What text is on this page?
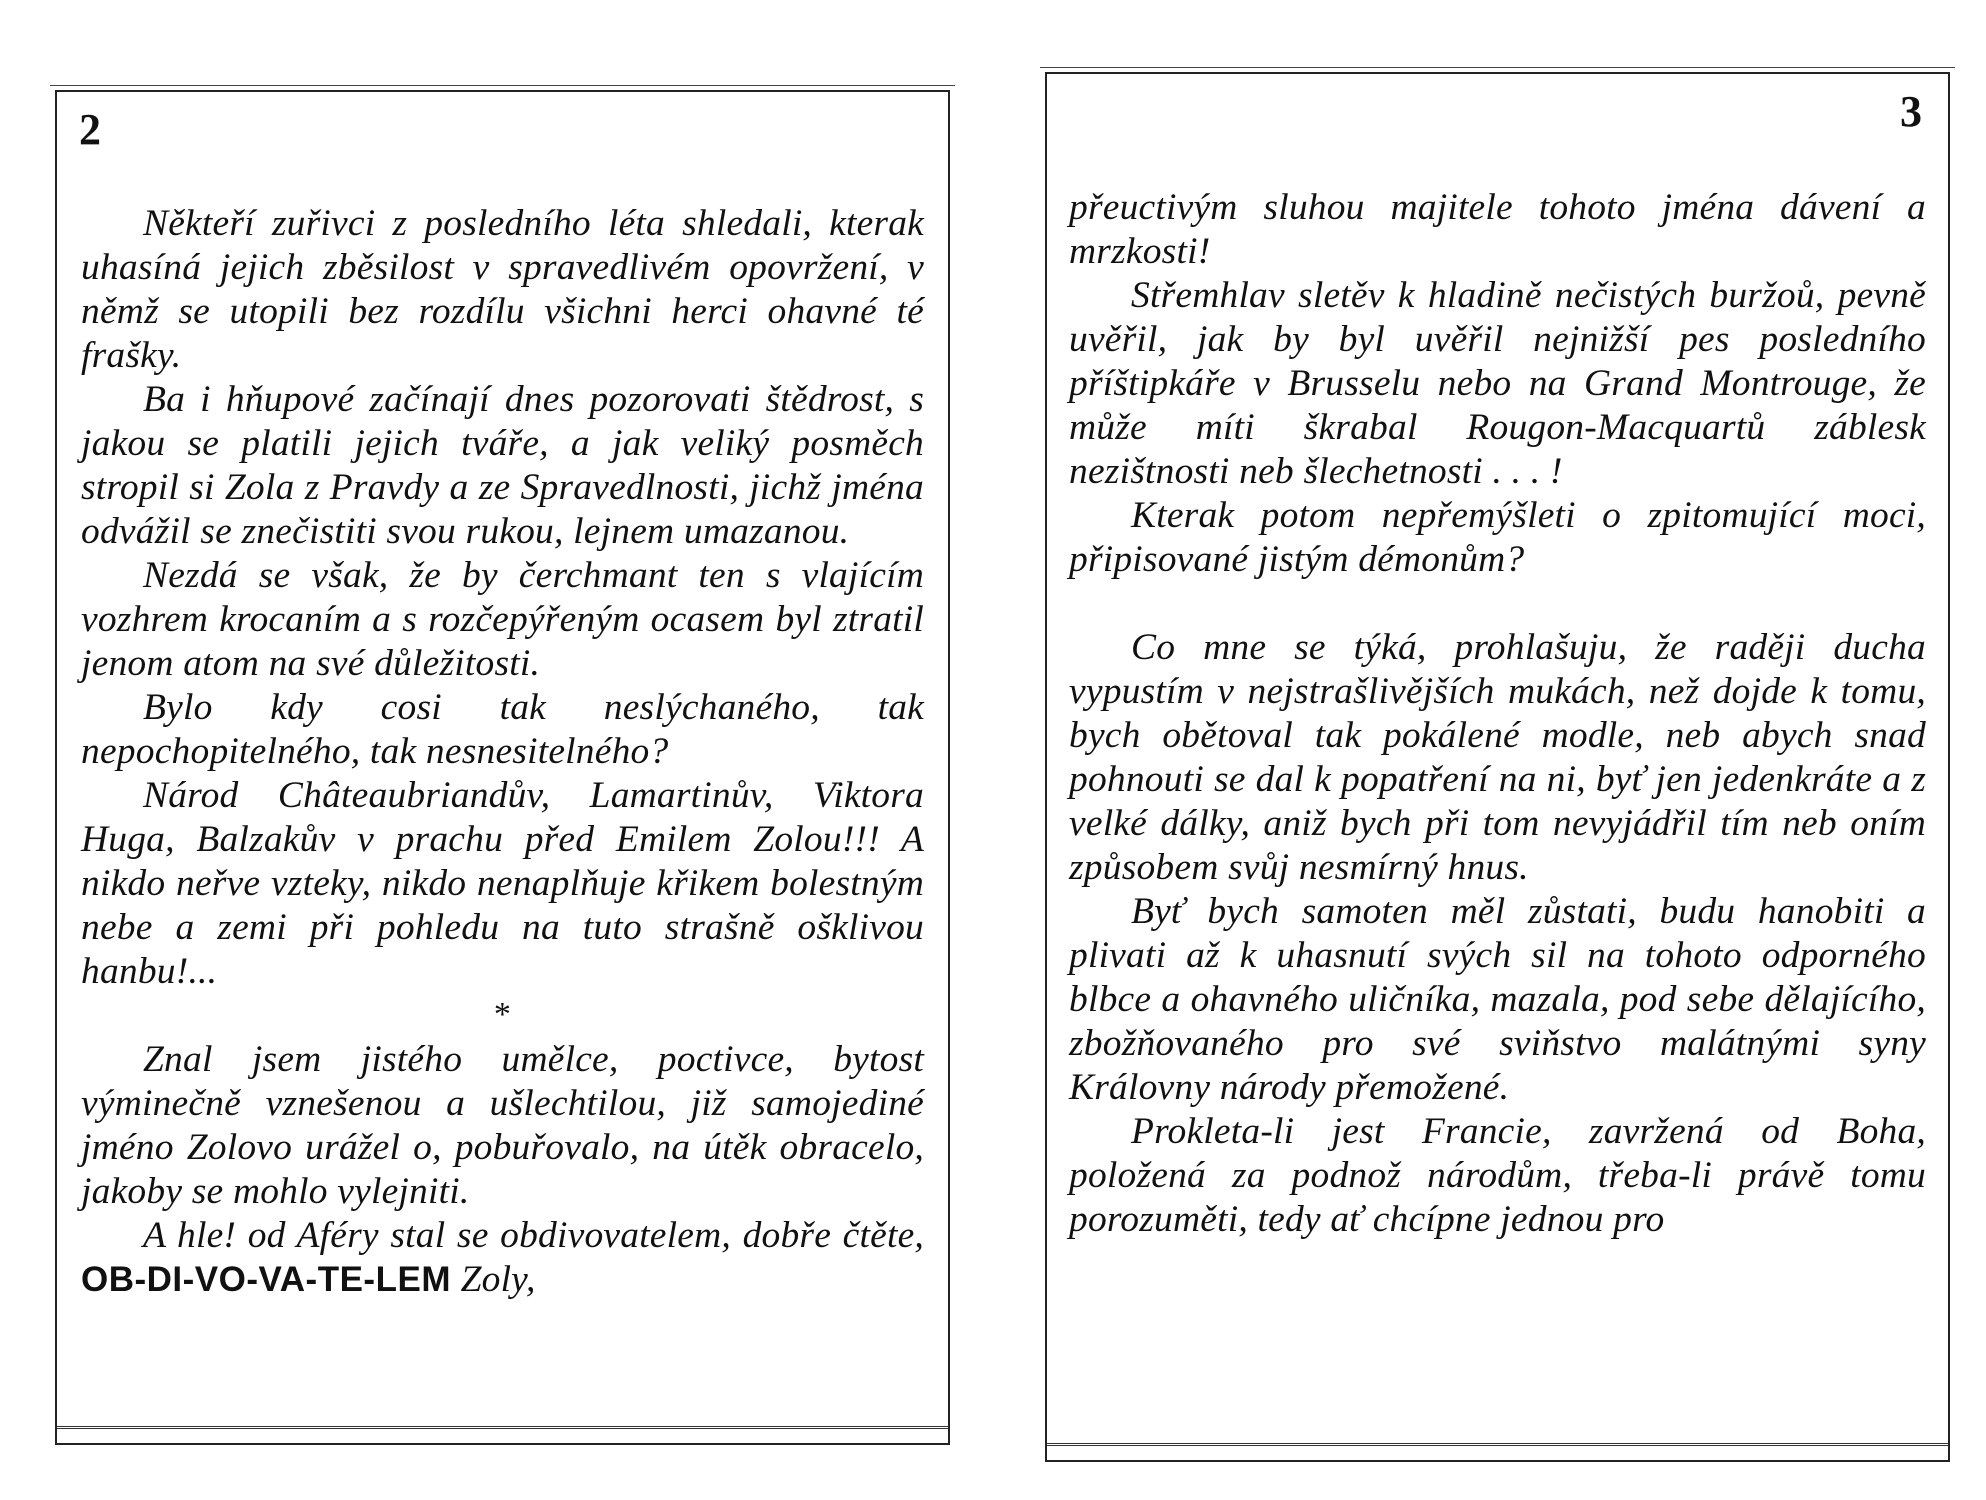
2

Někteří zuřivci z posledního léta shledali, kterak uhasíná jejich zběsilost v spravedlivém opovržení, v němž se utopili bez rozdílu všichni herci ohavné té frašky.

Ba i hňupové začínají dnes pozorovati štědrost, s jakou se platili jejich tváře, a jak veliký posměch stropil si Zola z Pravdy a ze Spravedlnosti, jichž jména odvážil se znečistiti svou rukou, lejnem umazanou.

Nezdá se však, že by čerchmant ten s vlajícím vozhrem krocaním a s rozčepýřeným ocasem byl ztratil jenom atom na své důležitosti.

Bylo kdy cosi tak neslýchaného, tak nepochopitelného, tak nesnesitelného?

Národ Châteaubriandův, Lamartinův, Viktora Huga, Balzakův v prachu před Emilem Zolou!!! A nikdo neřve vzteky, nikdo nenaplňuje křikem bolestným nebe a zemi při pohledu na tuto strašně ošklivou hanbu!...

*

Znal jsem jistého umělce, poctivce, bytost výminečně vznešenou a ušlechtilou, již samojediné jméno Zolovo urážel o, pobuřovalo, na útěk obracelo, jakoby se mohlo vylejniti.

A hle! od Aféry stal se obdivovatelem, dobře čtěte, OB-DI-VO-VA-TE-LEM Zoly,

3

přeuctivým sluhou majitele tohoto jména dávení a mrzkosti!

Střemhlav sletěv k hladině nečistých buržoů, pevně uvěřil, jak by byl uvěřil nejnižší pes posledního příštipkáře v Brusselu nebo na Grand Montrouge, že může míti škrabal Rougon-Macquartů záblesk nezištnosti neb šlechetnosti . . . !

Kterak potom nepřemýšleti o zpitomující moci, připisované jistým démonům?

Co mne se týká, prohlašuju, že raději ducha vypustím v nejstrašlivějších mukách, než dojde k tomu, bych obětoval tak pokálené modle, neb abych snad pohnouti se dal k popatření na ni, byť jen jedenkráte a z velké dálky, aniž bych při tom nevyjádřil tím neb oním způsobem svůj nesmírný hnus.

Byť bych samoten měl zůstati, budu hanobiti a plivati až k uhasnutí svých sil na tohoto odporného blbce a ohavného uličníka, mazala, pod sebe dělajícího, zbožňovaného pro své sviňstvo malátnými syny Královny národy přemožené.

Prokleta-li jest Francie, zavržená od Boha, položená za podnož národům, třeba-li právě tomu porozuměti, tedy ať chcípne jednou pro
